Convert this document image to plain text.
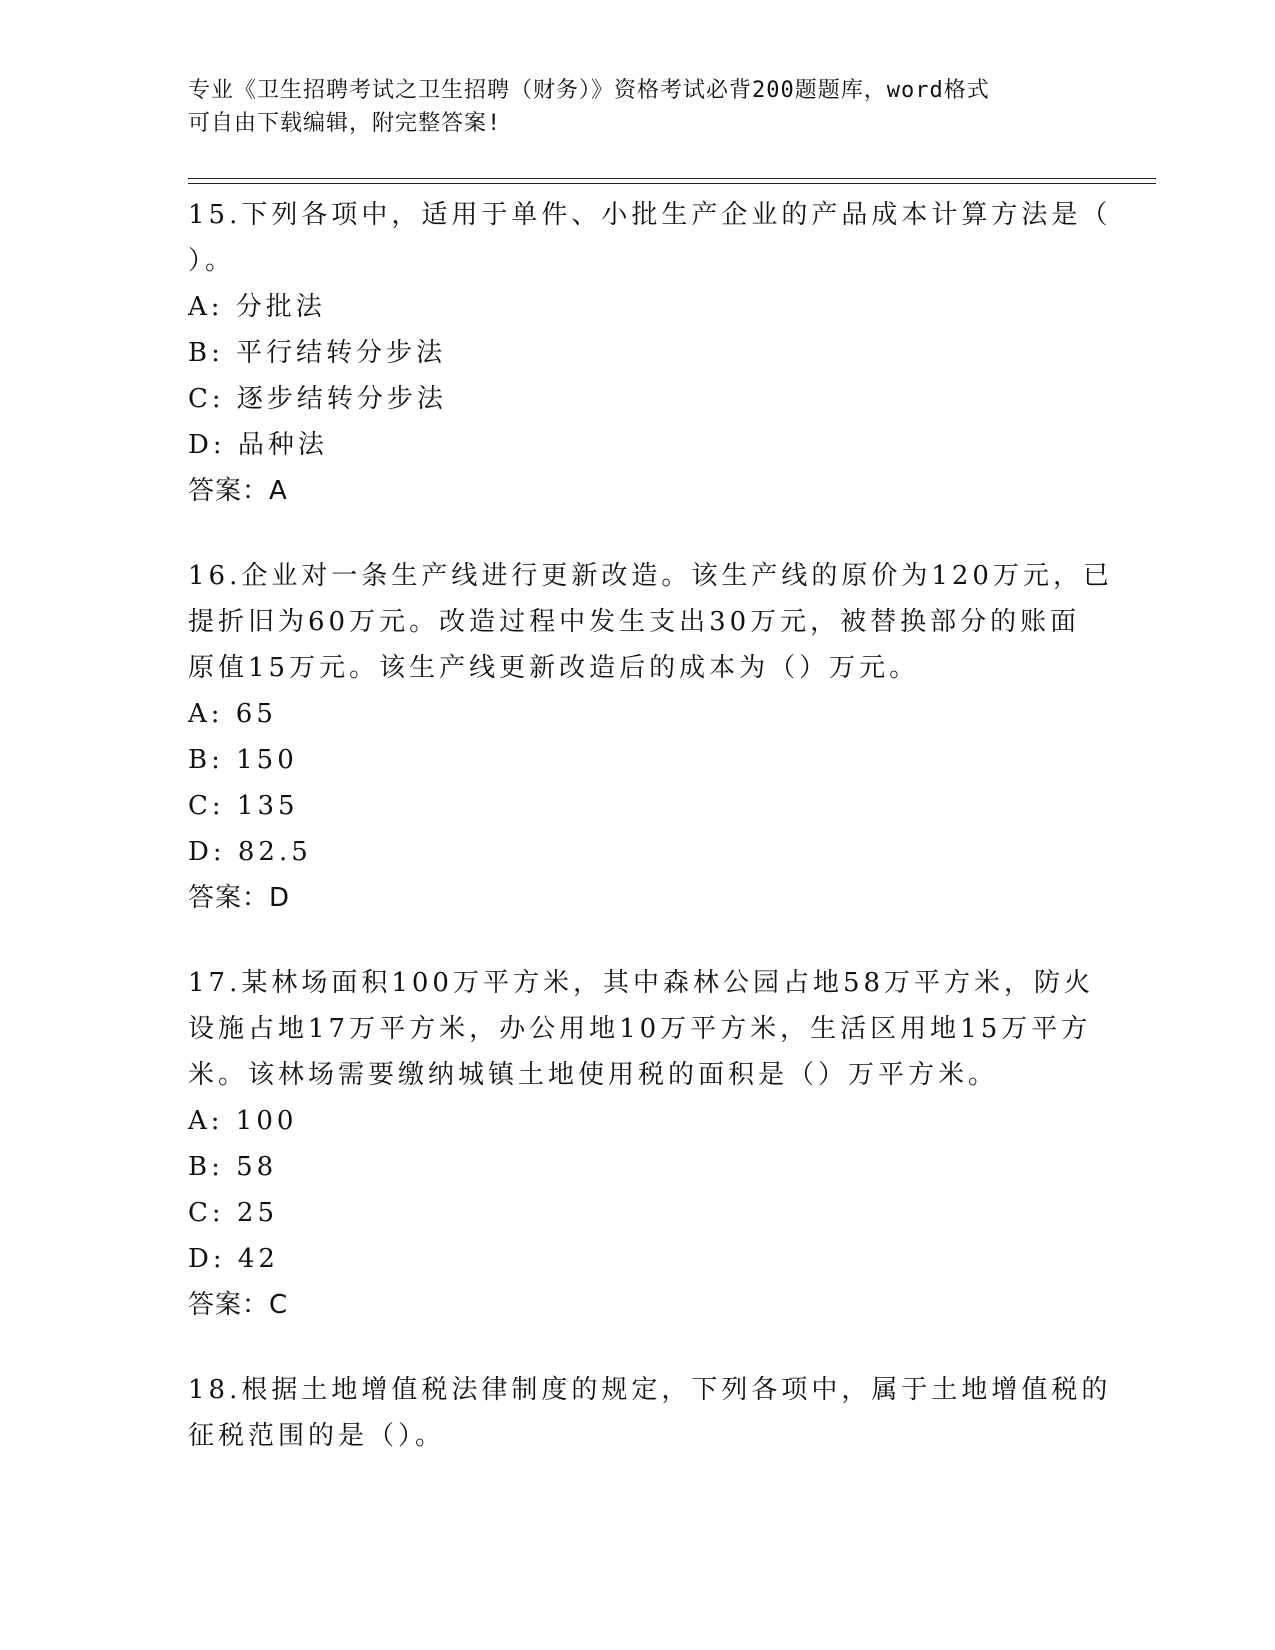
专业《卫生招聘考试之卫生招聘（财务）》资格考试必背200题题库，word格式
可自由下载编辑，附完整答案!
15.下列各项中，适用于单件、小批生产企业的产品成本计算方法是（
）。
A: 分批法
B: 平行结转分步法
C: 逐步结转分步法
D: 品种法
答案：A
16.企业对一条生产线进行更新改造。该生产线的原价为120万元，已
提折旧为60万元。改造过程中发生支出30万元，被替换部分的账面
原值15万元。该生产线更新改造后的成本为（）万元。
A: 65
B: 150
C: 135
D: 82.5
答案：D
17.某林场面积100万平方米，其中森林公园占地58万平方米，防火
设施占地17万平方米，办公用地10万平方米，生活区用地15万平方
米。该林场需要缴纳城镇土地使用税的面积是（）万平方米。
A: 100
B: 58
C: 25
D: 42
答案：C
18.根据土地增值税法律制度的规定，下列各项中，属于土地增值税的
征税范围的是（）。
